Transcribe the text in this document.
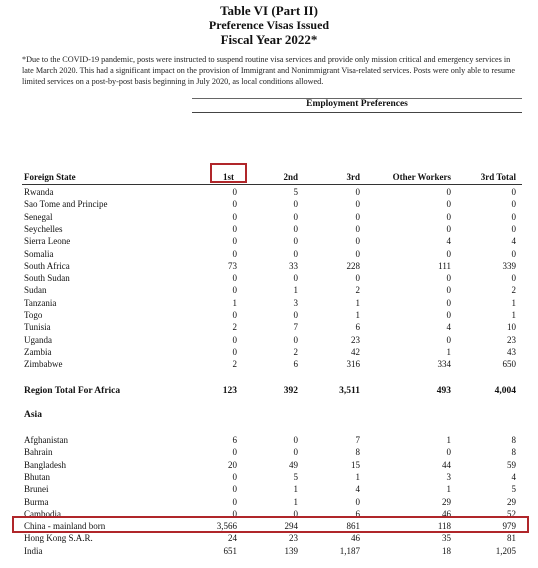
Table VI (Part II)
Preference Visas Issued
Fiscal Year 2022*
*Due to the COVID-19 pandemic, posts were instructed to suspend routine visa services and provide only mission critical and emergency services in late March 2020. This had a significant impact on the provision of Immigrant and Nonimmigrant Visa-related services. Posts were only able to resume limited services on a post-by-post basis beginning in July 2020, as local conditions allowed.
Employment Preferences
Foreign State	1st	2nd	3rd	Other Workers	3rd Total
Rwanda	0	5	0	0	0
Sao Tome and Principe	0	0	0	0	0
Senegal	0	0	0	0	0
Seychelles	0	0	0	0	0
Sierra Leone	0	0	0	4	4
Somalia	0	0	0	0	0
South Africa	73	33	228	111	339
South Sudan	0	0	0	0	0
Sudan	0	1	2	0	2
Tanzania	1	3	1	0	1
Togo	0	0	1	0	1
Tunisia	2	7	6	4	10
Uganda	0	0	23	0	23
Zambia	0	2	42	1	43
Zimbabwe	2	6	316	334	650
Region Total For Africa	123	392	3,511	493	4,004
Asia
Afghanistan	6	0	7	1	8
Bahrain	0	0	8	0	8
Bangladesh	20	49	15	44	59
Bhutan	0	5	1	3	4
Brunei	0	1	4	1	5
Burma	0	1	0	29	29
Cambodia	0	0	6	46	52
China - mainland born	3,566	294	861	118	979
Hong Kong S.A.R.	24	23	46	35	81
India	651	139	1,187	18	1,205
